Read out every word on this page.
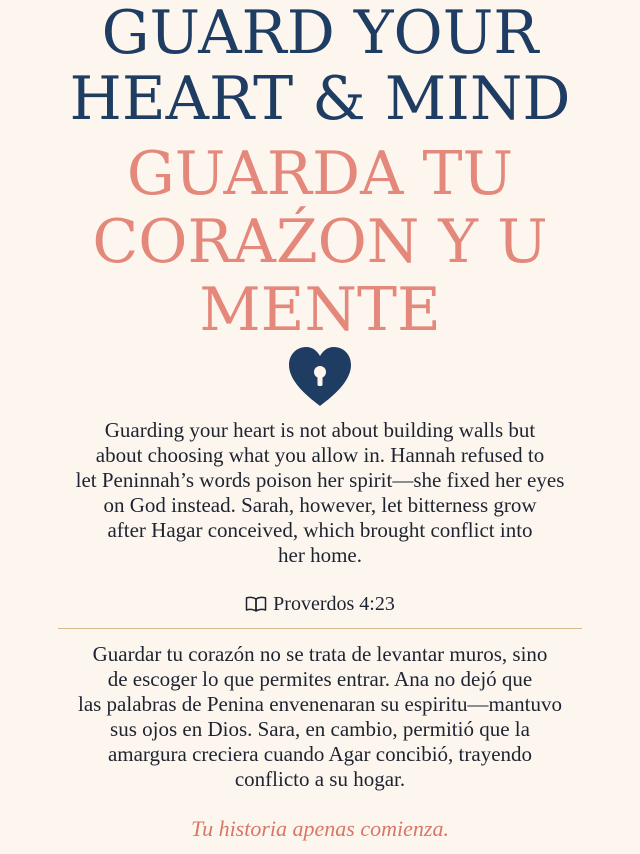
GUARD YOUR
HEART & MIND
GUARDA TU
CORAŹON Y U
MENTE
Guarding your heart is not about building walls but
about choosing what you allow in. Hannah refused to
let Peninnah’s words poison her spirit—she fixed her eyes
on God instead. Sarah, however, let bitterness grow
after Hagar conceived, which brought conflict into
her home.
Proverdos 4:23
Guardar tu corazón no se trata de levantar muros, sino
de escoger lo que permites entrar. Ana no dejó que
las palabras de Penina envenenaran su espiritu—mantuvo
sus ojos en Dios. Sara, en cambio, permitió que la
amargura creciera cuando Agar concibió, trayendo
conflicto a su hogar.
Tu historia apenas comienza.
